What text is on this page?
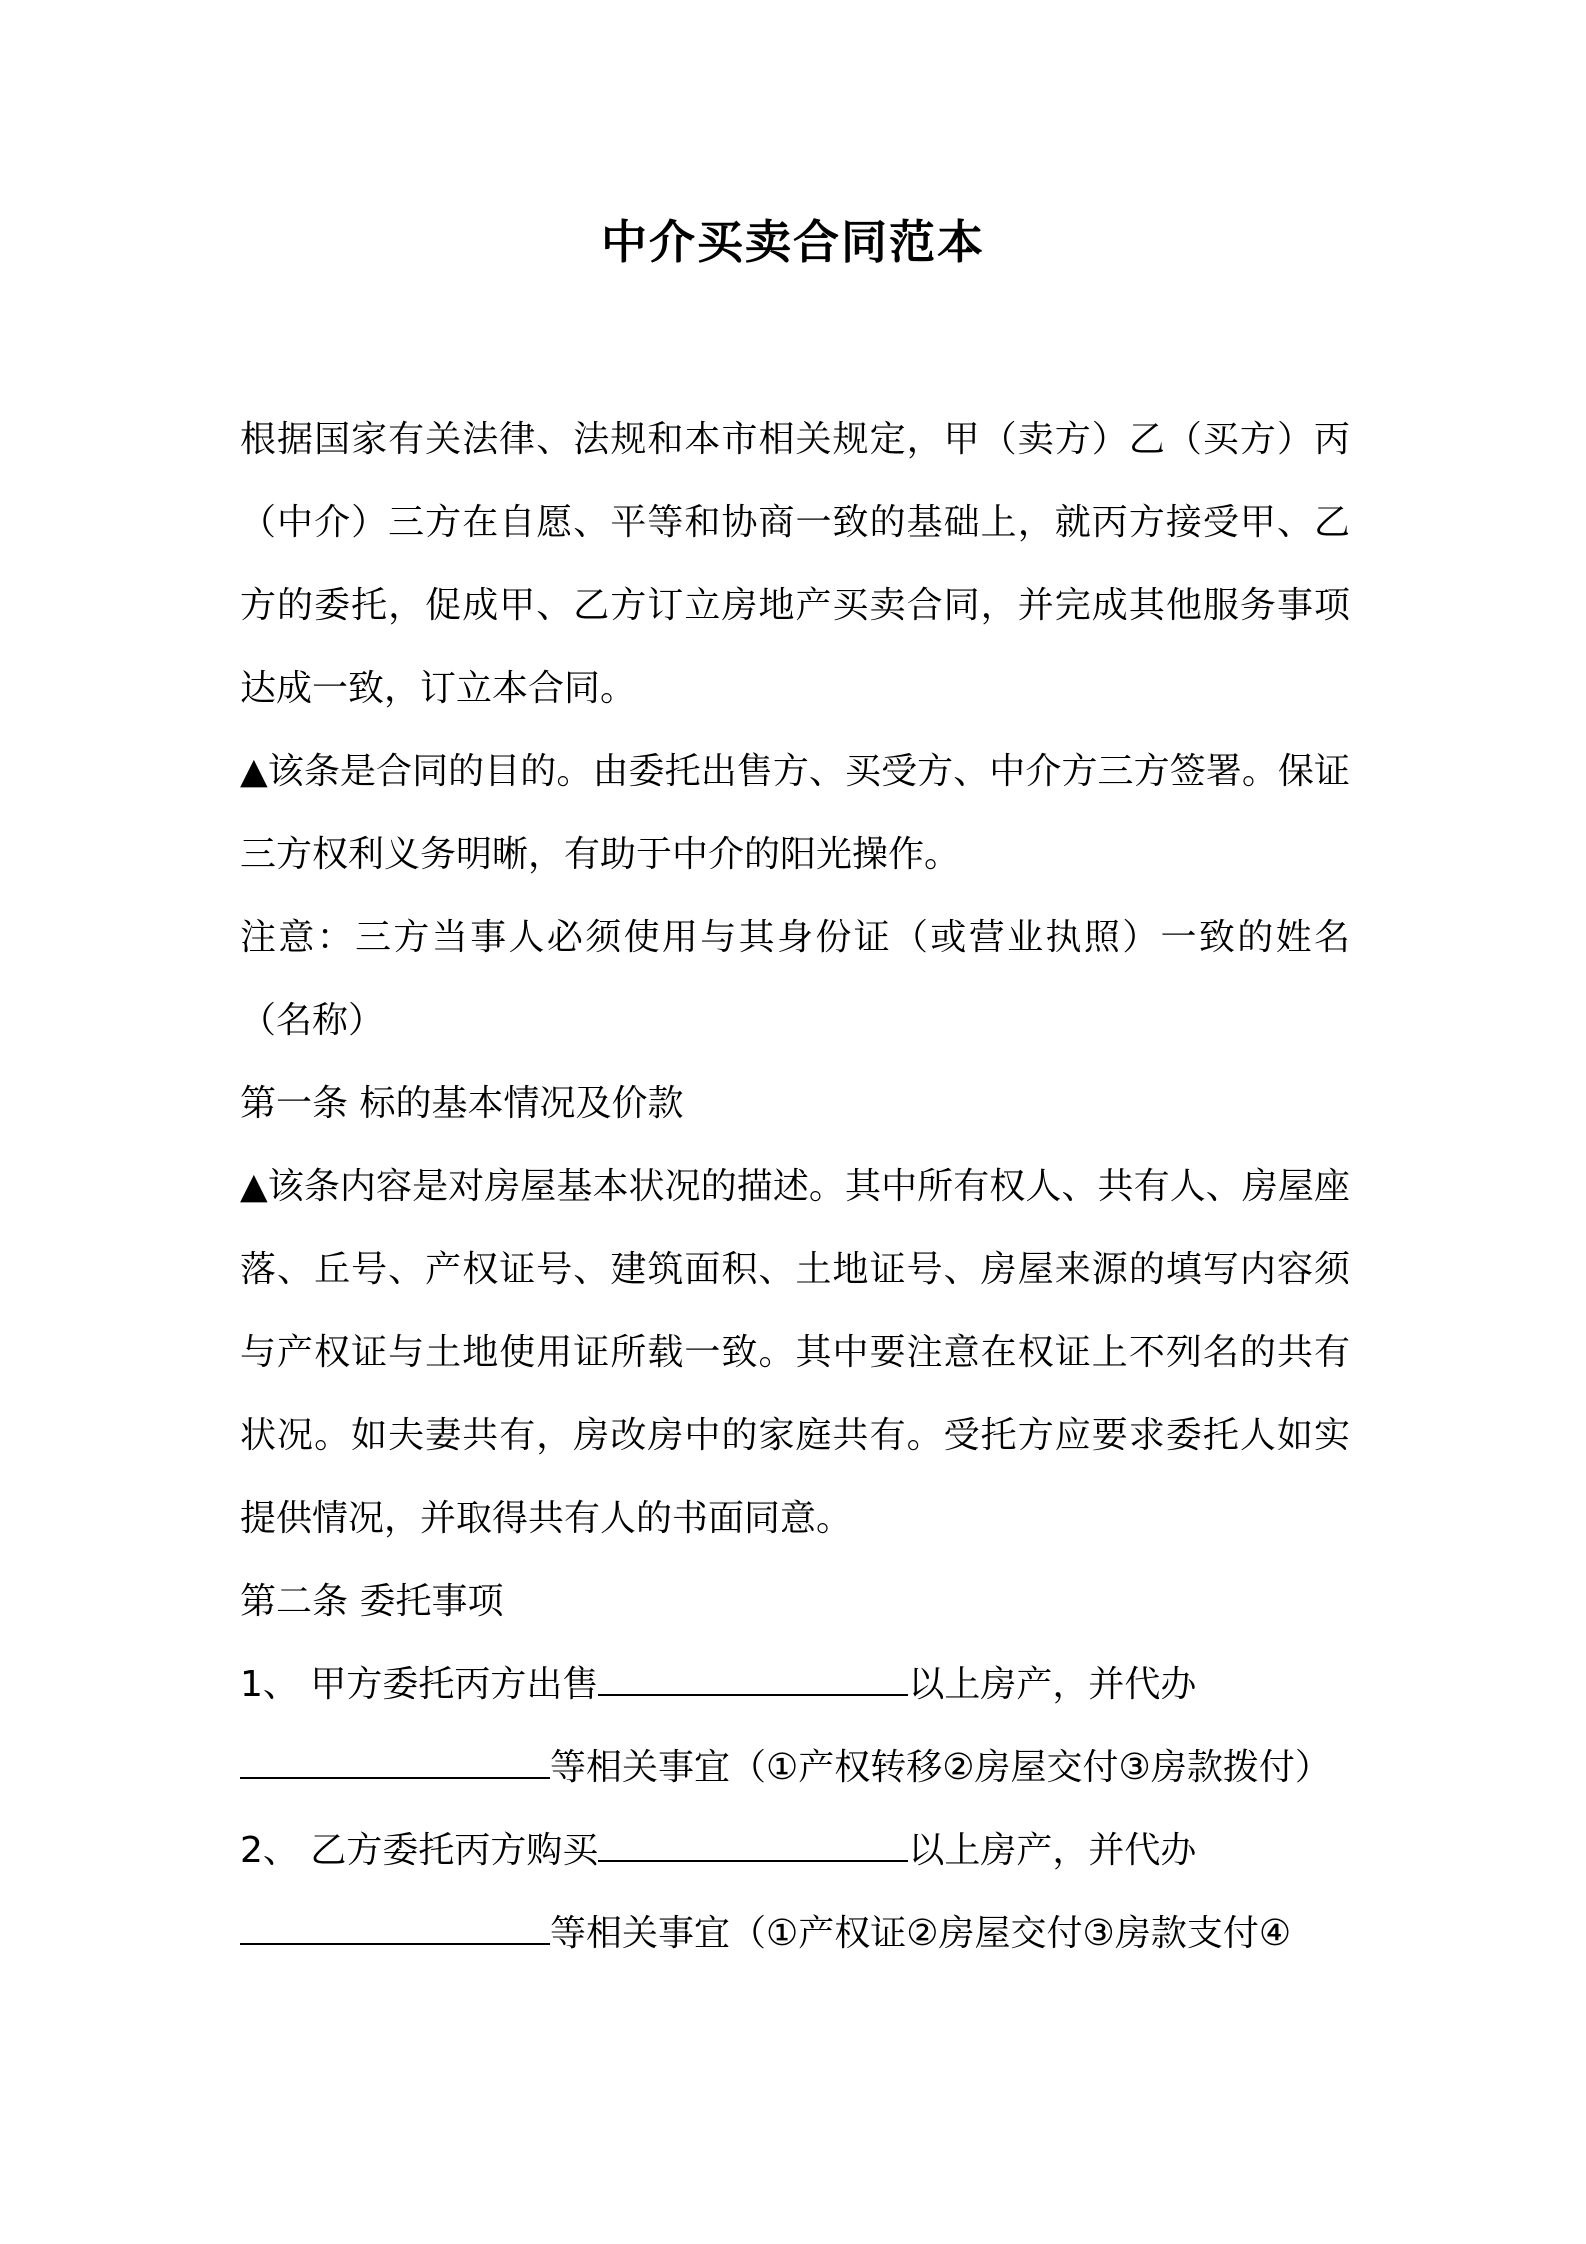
中介买卖合同范本

根据国家有关法律、法规和本市相关规定，甲（卖方）乙（买方）丙（中介）三方在自愿、平等和协商一致的基础上，就丙方接受甲、乙方的委托，促成甲、乙方订立房地产买卖合同，并完成其他服务事项达成一致，订立本合同。

▲该条是合同的目的。由委托出售方、买受方、中介方三方签署。保证三方权利义务明晰，有助于中介的阳光操作。

注意：三方当事人必须使用与其身份证（或营业执照）一致的姓名（名称）

第一条 标的基本情况及价款

▲该条内容是对房屋基本状况的描述。其中所有权人、共有人、房屋座落、丘号、产权证号、建筑面积、土地证号、房屋来源的填写内容须与产权证与土地使用证所载一致。其中要注意在权证上不列名的共有状况。如夫妻共有，房改房中的家庭共有。受托方应要求委托人如实提供情况，并取得共有人的书面同意。

第二条 委托事项

1、 甲方委托丙方出售	以上房产，并代办
等相关事宜（①产权转移②房屋交付③房款拨付）

2、 乙方委托丙方购买	以上房产，并代办
等相关事宜（①产权证②房屋交付③房款支付④
